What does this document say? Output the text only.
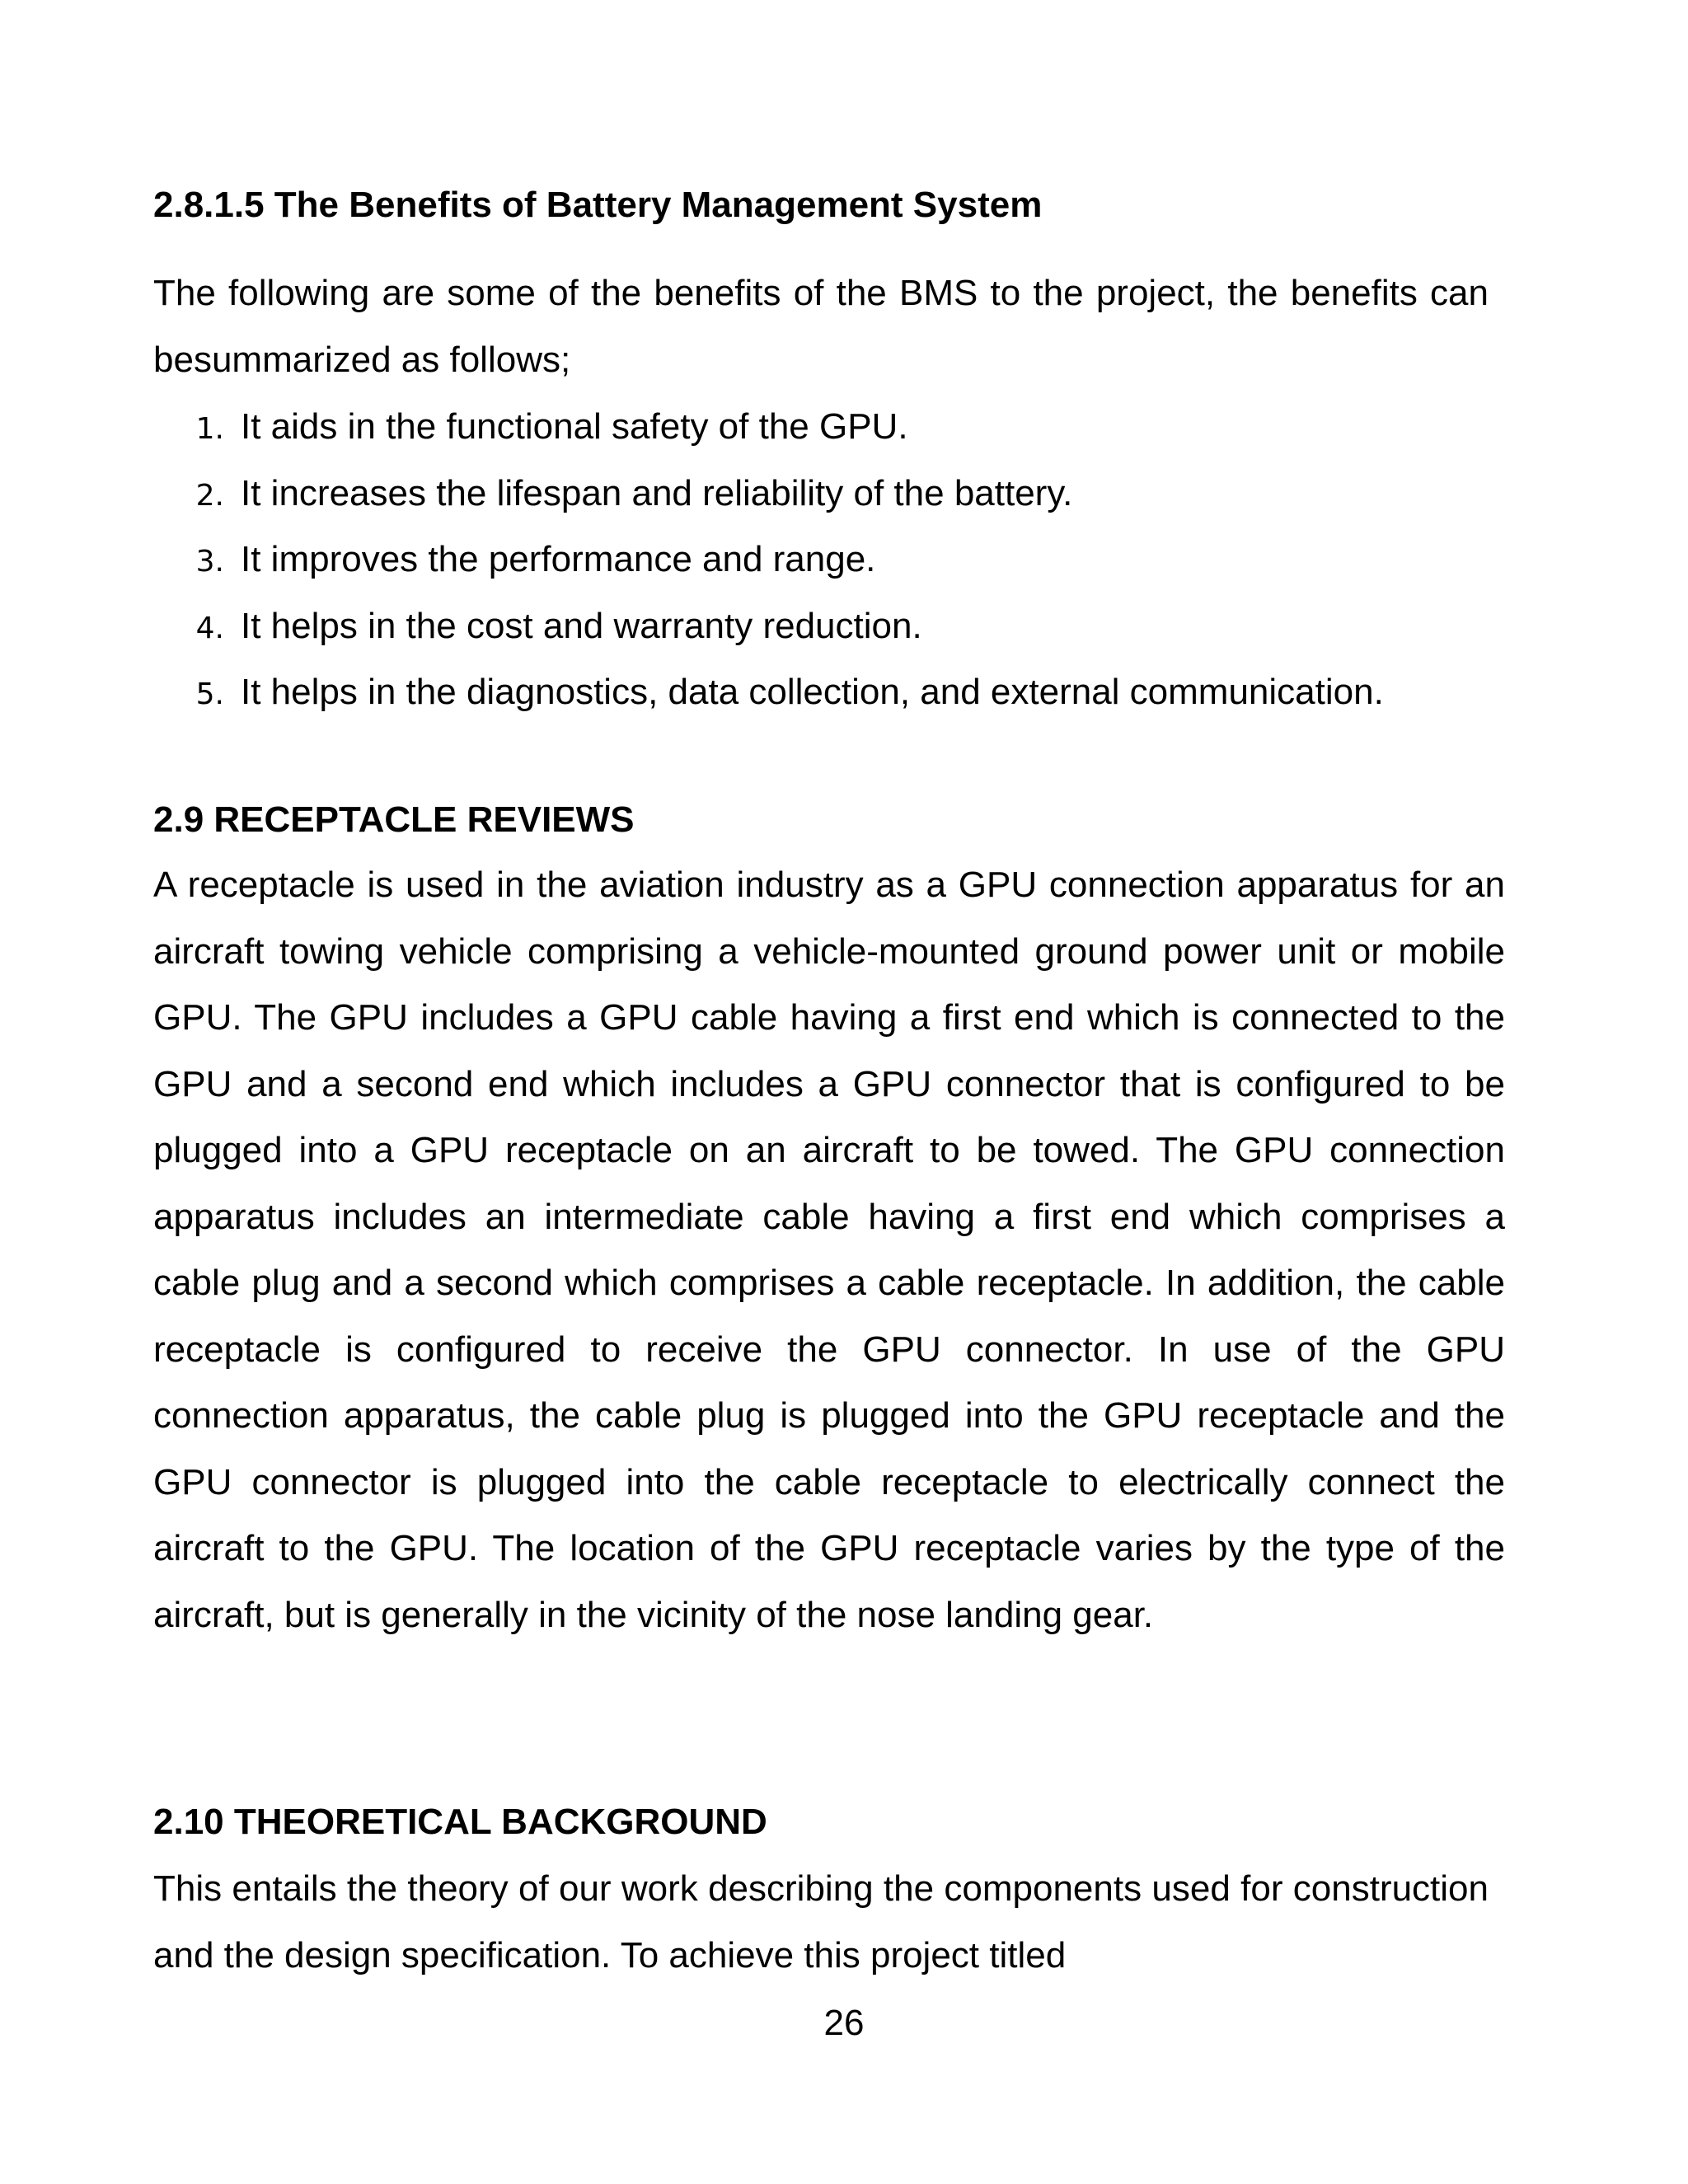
2.8.1.5 The Benefits of Battery Management System

The following are some of the benefits of the BMS to the project, the benefits can besummarized as follows;

1. It aids in the functional safety of the GPU.
2. It increases the lifespan and reliability of the battery.
3. It improves the performance and range.
4. It helps in the cost and warranty reduction.
5. It helps in the diagnostics, data collection, and external communication.
2.9 RECEPTACLE REVIEWS

A receptacle is used in the aviation industry as a GPU connection apparatus for an aircraft towing vehicle comprising a vehicle-mounted ground power unit or mobile GPU. The GPU includes a GPU cable having a first end which is connected to the GPU and a second end which includes a GPU connector that is configured to be plugged into a GPU receptacle on an aircraft to be towed. The GPU connection apparatus includes an intermediate cable having a first end which comprises a cable plug and a second which comprises a cable receptacle. In addition, the cable receptacle is configured to receive the GPU connector. In use of the GPU connection apparatus, the cable plug is plugged into the GPU receptacle and the GPU connector is plugged into the cable receptacle to electrically connect the aircraft to the GPU. The location of the GPU receptacle varies by the type of the aircraft, but is generally in the vicinity of the nose landing gear.

2.10 THEORETICAL BACKGROUND

This entails the theory of our work describing the components used for construction and the design specification. To achieve this project titled

26
